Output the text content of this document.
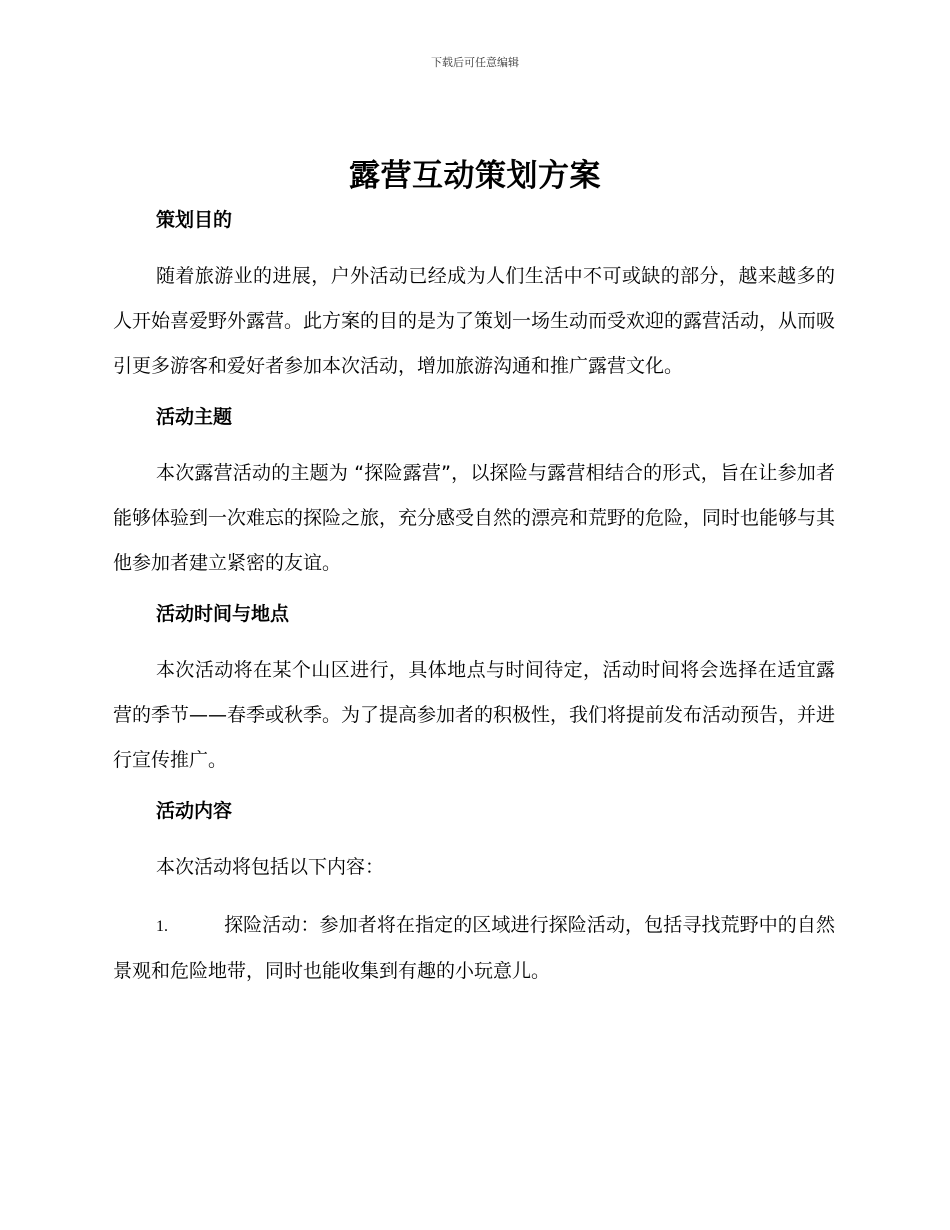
下载后可任意编辑
露营互动策划方案
策划目的

随着旅游业的进展，户外活动已经成为人们生活中不可或缺的部分，越来越多的人开始喜爱野外露营。此方案的目的是为了策划一场生动而受欢迎的露营活动，从而吸引更多游客和爱好者参加本次活动，增加旅游沟通和推广露营文化。

活动主题

本次露营活动的主题为 “探险露营”，以探险与露营相结合的形式，旨在让参加者能够体验到一次难忘的探险之旅，充分感受自然的漂亮和荒野的危险，同时也能够与其他参加者建立紧密的友谊。

活动时间与地点

本次活动将在某个山区进行，具体地点与时间待定，活动时间将会选择在适宜露营的季节——春季或秋季。为了提高参加者的积极性，我们将提前发布活动预告，并进行宣传推广。

活动内容

本次活动将包括以下内容：

1.	探险活动：参加者将在指定的区域进行探险活动，包括寻找荒野中的自然景观和危险地带，同时也能收集到有趣的小玩意儿。
